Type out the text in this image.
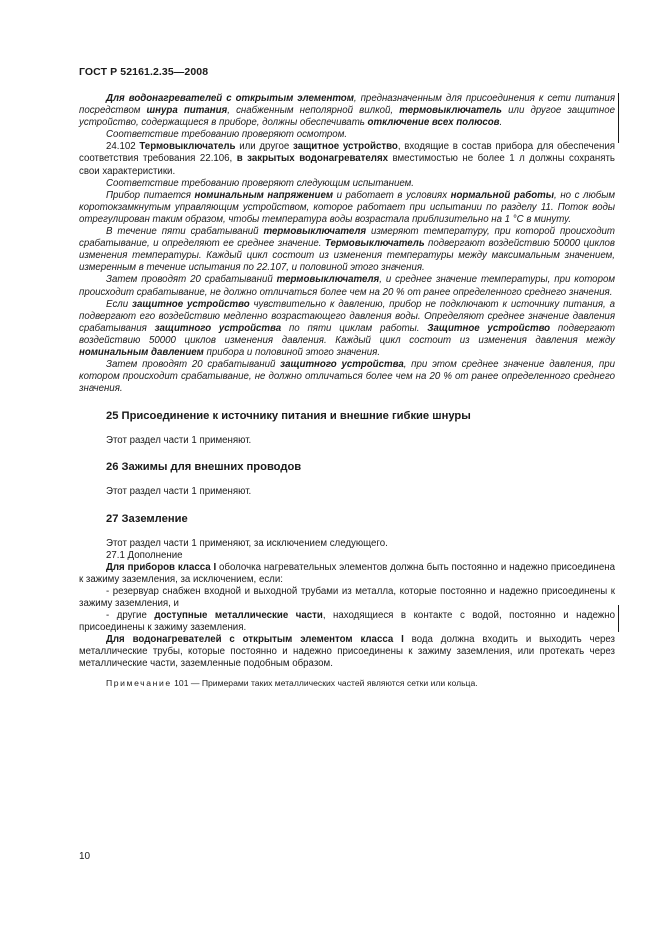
ГОСТ Р 52161.2.35—2008

Для водонагревателей с открытым элементом, предназначенным для присоединения к сети питания посредством шнура питания, снабженным неполярной вилкой, термовыключатель или другое защитное устройство, содержащиеся в приборе, должны обеспечивать отключение всех полюсов.

Соответствие требованию проверяют осмотром.

24.102 Термовыключатель или другое защитное устройство, входящие в состав прибора для обеспечения соответствия требования 22.106, в закрытых водонагревателях вместимостью не более 1 л должны сохранять свои характеристики.

Соответствие требованию проверяют следующим испытанием.

Прибор питается номинальным напряжением и работает в условиях нормальной работы, но с любым коротокзамкнутым управляющим устройством, которое работает при испытании по разделу 11. Поток воды отрегулирован таким образом, чтобы температура воды возрастала приблизительно на 1 °С в минуту.

В течение пяти срабатываний термовыключателя измеряют температуру, при которой происходит срабатывание, и определяют ее среднее значение. Термовыключатель подвергают воздействию 50000 циклов изменения температуры. Каждый цикл состоит из изменения температуры между максимальным значением, измеренным в течение испытания по 22.107, и половиной этого значения.

Затем проводят 20 срабатываний термовыключателя, и среднее значение температуры, при котором происходит срабатывание, не должно отличаться более чем на 20 % от ранее определенного среднего значения.

Если защитное устройство чувствительно к давлению, прибор не подключают к источнику питания, а подвергают его воздействию медленно возрастающего давления воды. Определяют среднее значение давления срабатывания защитного устройства по пяти циклам работы. Защитное устройство подвергают воздействию 50000 циклов изменения давления. Каждый цикл состоит из изменения давления между номинальным давлением прибора и половиной этого значения.

Затем проводят 20 срабатываний защитного устройства, при этом среднее значение давления, при котором происходит срабатывание, не должно отличаться более чем на 20 % от ранее определенного среднего значения.

25 Присоединение к источнику питания и внешние гибкие шнуры

Этот раздел части 1 применяют.

26 Зажимы для внешних проводов

Этот раздел части 1 применяют.

27 Заземление

Этот раздел части 1 применяют, за исключением следующего.

27.1 Дополнение

Для приборов класса I оболочка нагревательных элементов должна быть постоянно и надежно присоединена к зажиму заземления, за исключением, если:

- резервуар снабжен входной и выходной трубами из металла, которые постоянно и надежно присоединены к зажиму заземления, и

- другие доступные металлические части, находящиеся в контакте с водой, постоянно и надежно присоединены к зажиму заземления.

Для водонагревателей с открытым элементом класса I вода должна входить и выходить через металлические трубы, которые постоянно и надежно присоединены к зажиму заземления, или протекать через металлические части, заземленные подобным образом.

Примечание 101 — Примерами таких металлических частей являются сетки или кольца.

10
